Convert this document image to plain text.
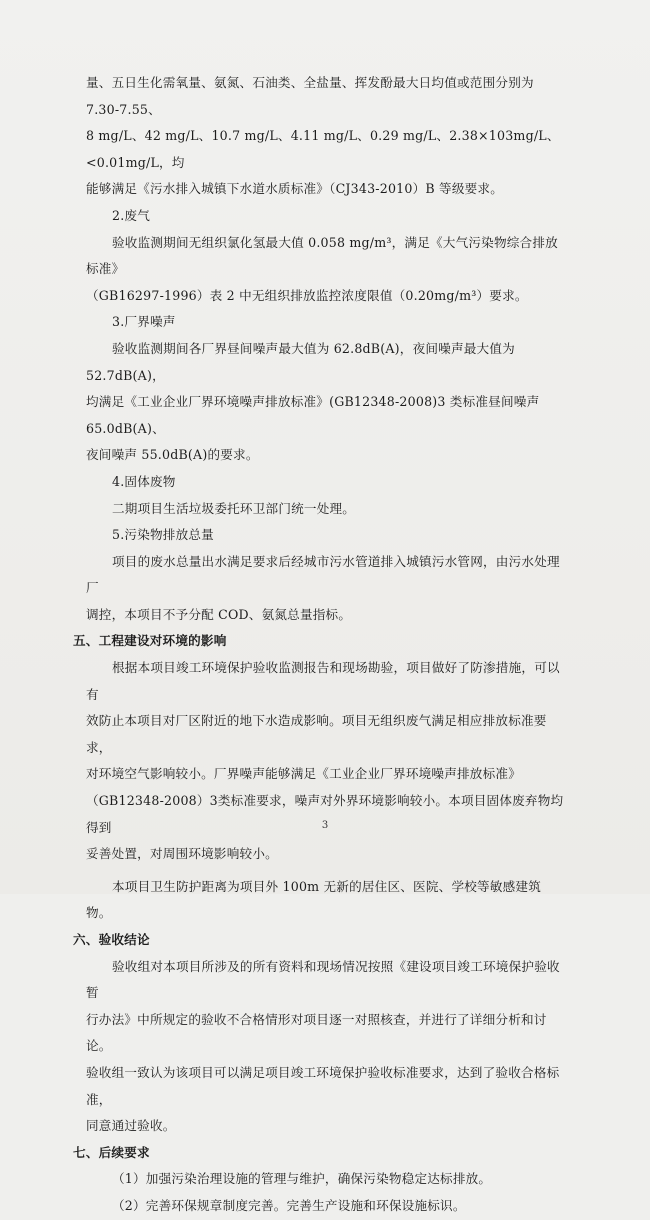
量、五日生化需氧量、氨氮、石油类、全盐量、挥发酚最大日均值或范围分别为 7.30-7.55、

8 mg/L、42 mg/L、10.7 mg/L、4.11 mg/L、0.29 mg/L、2.38×103mg/L、<0.01mg/L，均

能够满足《污水排入城镇下水道水质标准》（CJ343-2010）B 等级要求。

2.废气

验收监测期间无组织氯化氢最大值 0.058 mg/m³，满足《大气污染物综合排放标准》

（GB16297-1996）表 2 中无组织排放监控浓度限值（0.20mg/m³）要求。

3.厂界噪声

验收监测期间各厂界昼间噪声最大值为 62.8dB(A)，夜间噪声最大值为 52.7dB(A)，

均满足《工业企业厂界环境噪声排放标准》(GB12348-2008)3 类标准昼间噪声 65.0dB(A)、

夜间噪声 55.0dB(A)的要求。

4.固体废物

二期项目生活垃圾委托环卫部门统一处理。

5.污染物排放总量

项目的废水总量出水满足要求后经城市污水管道排入城镇污水管网，由污水处理厂

调控，本项目不予分配 COD、氨氮总量指标。

五、工程建设对环境的影响

根据本项目竣工环境保护验收监测报告和现场勘验，项目做好了防渗措施，可以有

效防止本项目对厂区附近的地下水造成影响。项目无组织废气满足相应排放标准要求，

对环境空气影响较小。厂界噪声能够满足《工业企业厂界环境噪声排放标准》

（GB12348-2008）3类标准要求，噪声对外界环境影响较小。本项目固体废弃物均得到

妥善处置，对周围环境影响较小。

本项目卫生防护距离为项目外 100m 无新的居住区、医院、学校等敏感建筑物。

六、验收结论

验收组对本项目所涉及的所有资料和现场情况按照《建设项目竣工环境保护验收暂

行办法》中所规定的验收不合格情形对项目逐一对照核查，并进行了详细分析和讨论。

验收组一致认为该项目可以满足项目竣工环境保护验收标准要求，达到了验收合格标准，

同意通过验收。

七、后续要求

（1）加强污染治理设施的管理与维护，确保污染物稳定达标排放。

（2）完善环保规章制度完善。完善生产设施和环保设施标识。

3
